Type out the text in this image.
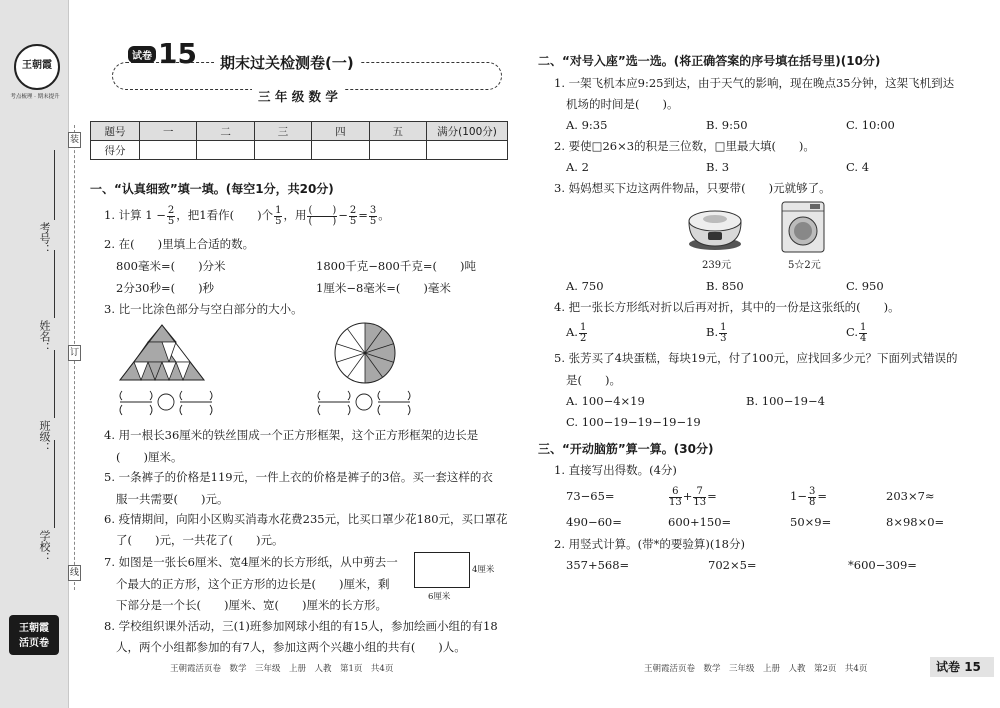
王朝霞
考点梳理 · 期末提升
考号：
姓名：
班级：
学校：
王朝霞
活页卷
装
订
线
试卷 15	期末过关检测卷(一)
三 年 级 数 学
题号	一	二	三	四	五	满分(100分)
得分						
一、“认真细致”填一填。(每空1分，共20分)
1. 计算 $1 - \frac{2}{5}$ ，把1看作(　　)个 $\frac{1}{5}$ ，用 $\frac{( )}{( )} - \frac{2}{5} = \frac{3}{5}$ 。
2. 在(　　)里填上合适的数。
800毫米=(　　)分米	1800千克−800千克=(　　)吨
2分30秒=(　　)秒	1厘米−8毫米=(　　)毫米
3. 比一比涂色部分与空白部分的大小。
4. 用一根长36厘米的铁丝围成一个正方形框架，这个正方形框架的边长是
(　　)厘米。
5. 一条裤子的价格是119元，一件上衣的价格是裤子的3倍。买一套这样的衣
服一共需要(　　)元。
6. 疫情期间，向阳小区购买消毒水花费235元，比买口罩少花180元，买口罩花
了(　　)元，一共花了(　　)元。
7. 如图是一张长6厘米、宽4厘米的长方形纸，从中剪去一
个最大的正方形，这个正方形的边长是(　　)厘米，剩
下部分是一个长(　　)厘米、宽(　　)厘米的长方形。
4厘米
6厘米
8. 学校组织课外活动，三(1)班参加网球小组的有15人，参加绘画小组的有18
人，两个小组都参加的有7人，参加这两个兴趣小组的共有(　　)人。
王朝霞活页卷　数学　三年级　上册　人教　第1页　共4页
二、“对号入座”选一选。(将正确答案的序号填在括号里)(10分)
1. 一架飞机本应9:25到达，由于天气的影响，现在晚点35分钟，这架飞机到达
机场的时间是(　　)。
A. 9:35	B. 9:50	C. 10:00
2. 要使□26×3的积是三位数，□里最大填(　　)。
A. 2	B. 3	C. 4
3. 妈妈想买下边这两件物品，只要带(　　)元就够了。
239元	5☆2元
A. 750	B. 850	C. 950
4. 把一张长方形纸对折以后再对折，其中的一份是这张纸的(　　)。
A. $\frac{1}{2}$	B. $\frac{1}{3}$	C. $\frac{1}{4}$
5. 张芳买了4块蛋糕，每块19元，付了100元，应找回多少元？下面列式错误的
是(　　)。
A. 100−4×19	B. 100−19−4
C. 100−19−19−19−19
三、“开动脑筋”算一算。(30分)
1. 直接写出得数。(4分)
73−65=	$\frac{6}{13} + \frac{7}{13}$ =	$1- \frac{3}{8}$ =	203×7≈
490−60=	600+150=	50×9=	8×98×0=
2. 用竖式计算。(带*的要验算)(18分)
357+568=	702×5=	*600−309=
王朝霞活页卷　数学　三年级　上册　人教　第2页　共4页	试卷 15
